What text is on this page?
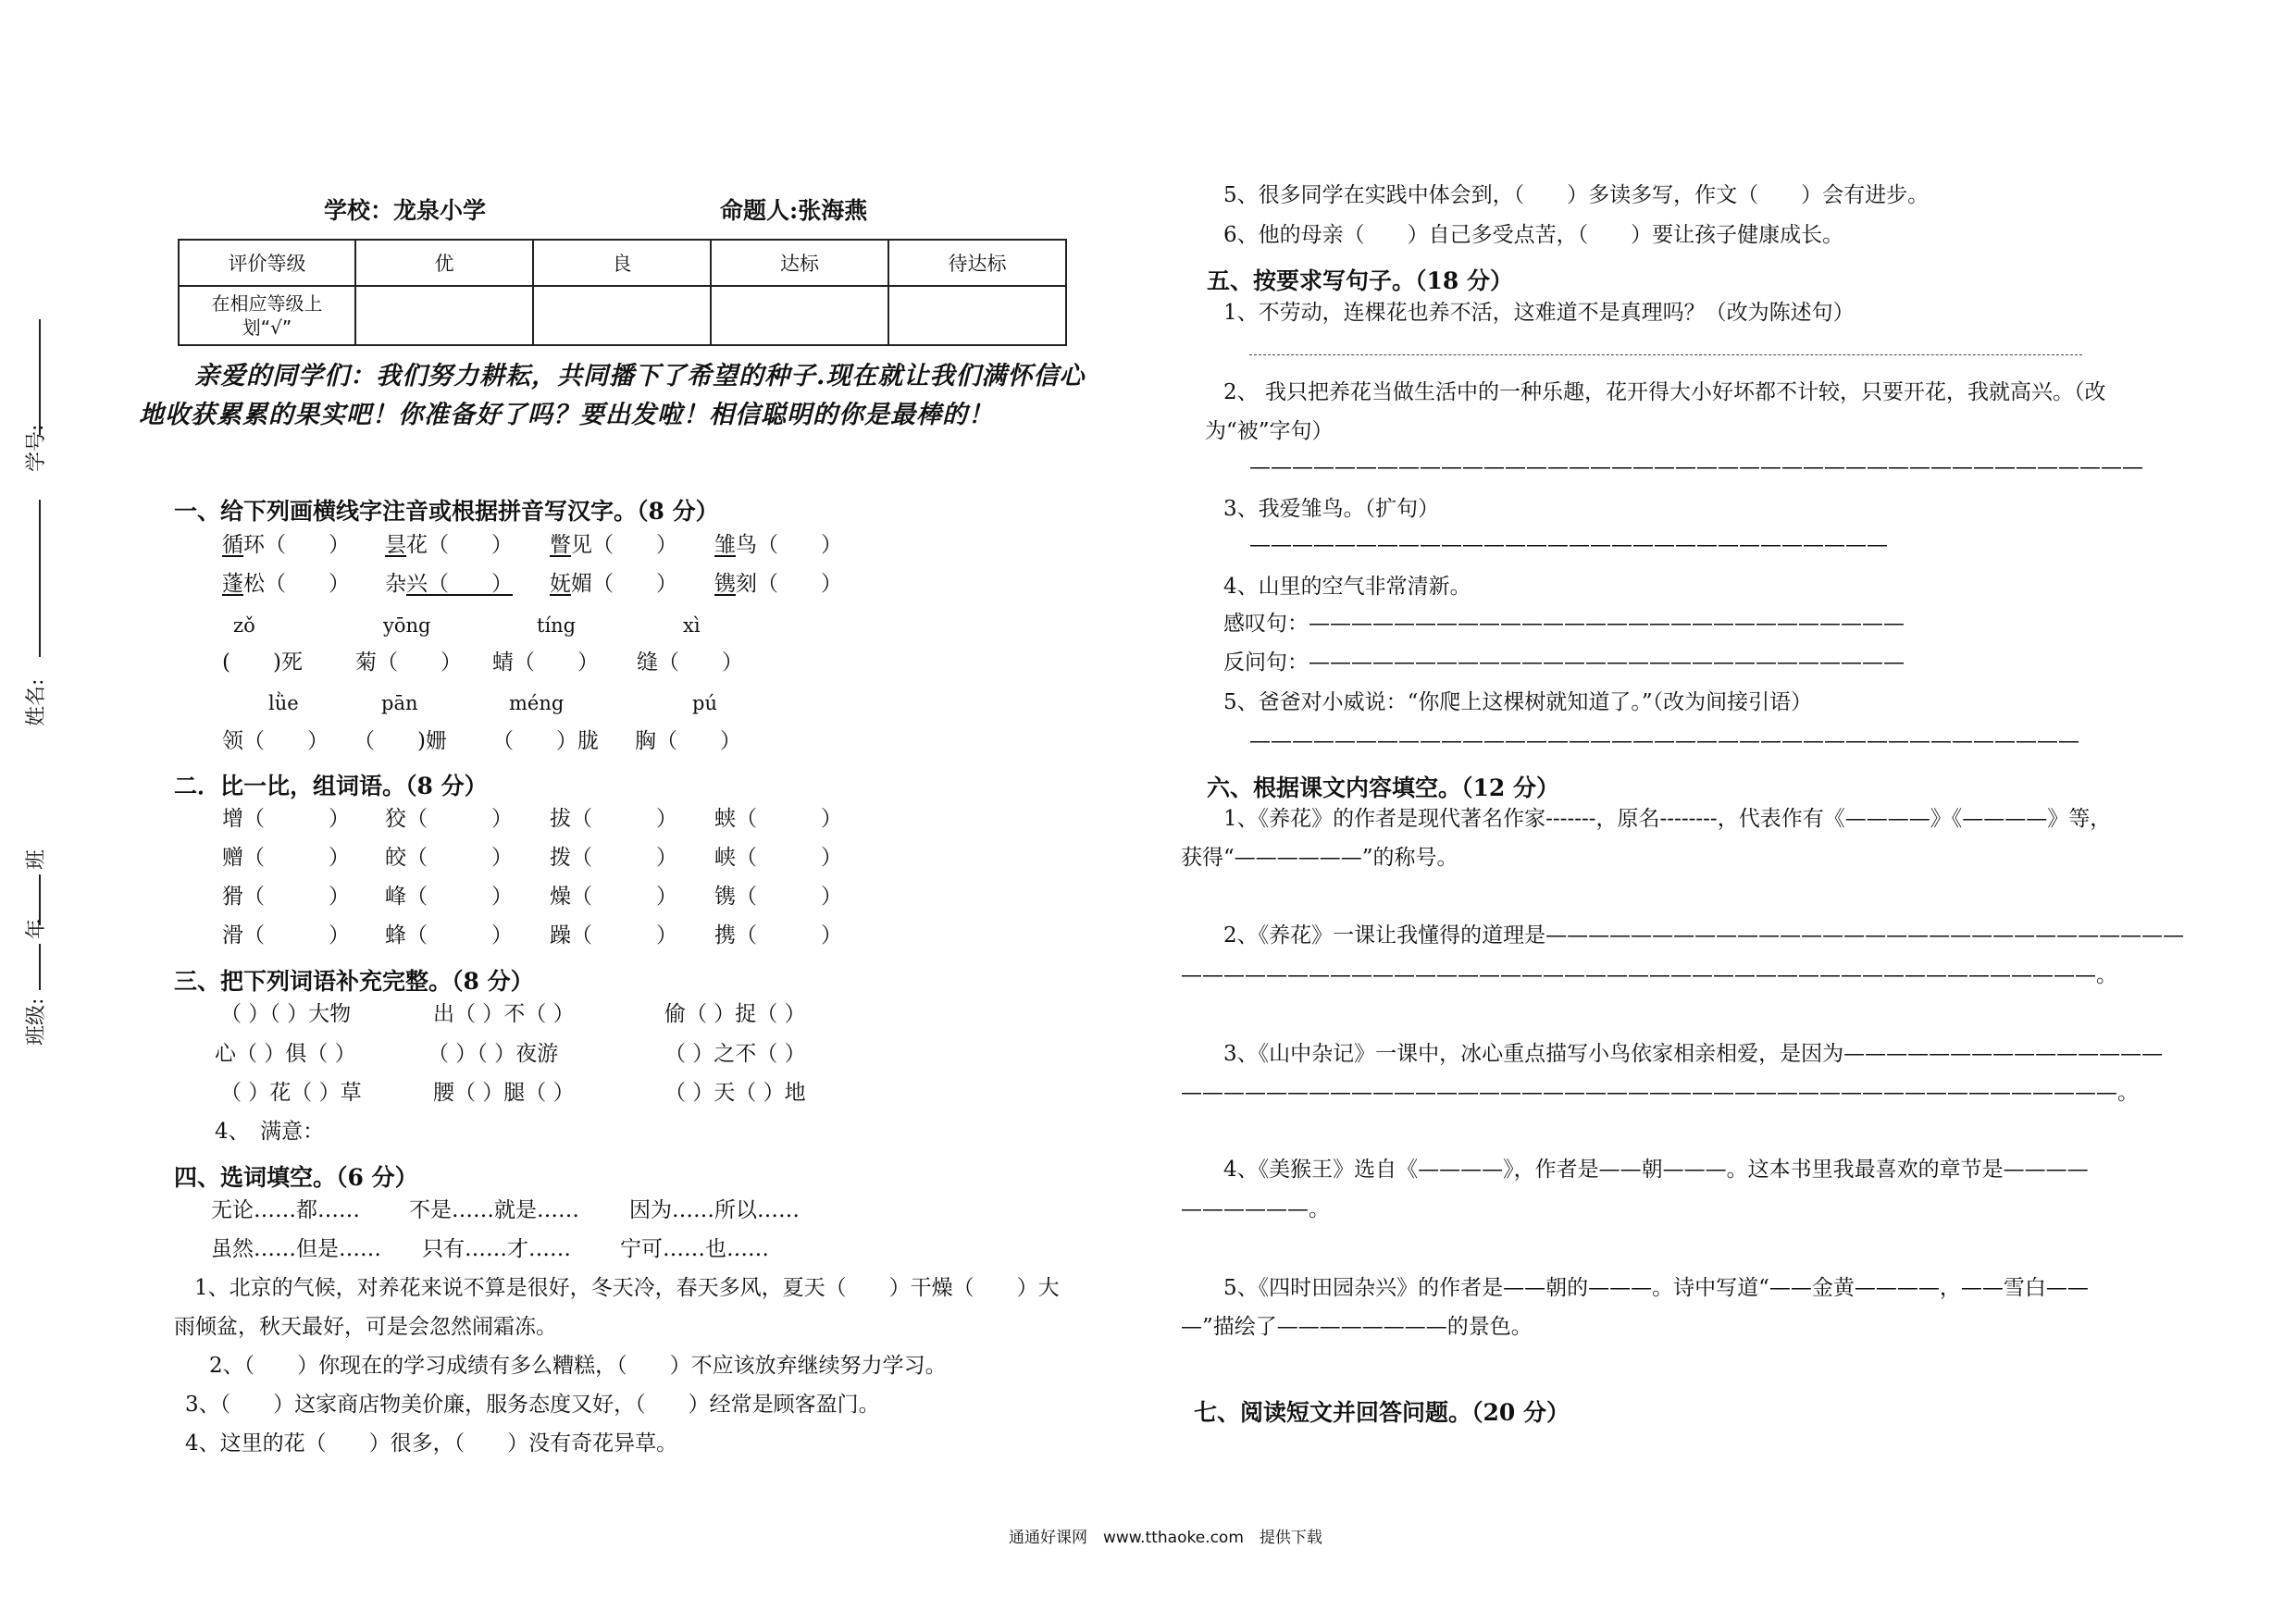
学校：龙泉小学	命题人:张海燕
评价等级	优	良	达标	待达标
在相应等级上划“√”				
学号:
姓名:
班
年
班级:
亲爱的同学们：我们努力耕耘，共同播下了希望的种子.现在就让我们满怀信心
地收获累累的果实吧！你准备好了吗？要出发啦！相信聪明的你是最棒的！
一、给下列画横线字注音或根据拼音写汉字。（8 分）
循环（　　） 昙花（　　） 瞥见（　　） 雏鸟（　　）
蓬松（　　） 杂兴（　　） 妩媚（　　） 镌刻（　　）
zǒ	yōng	tíng	xì
(　　)死 菊（　　） 蜻（　　） 缝（　　）
lǜe	pān	méng	pú
领（　　） （　　)姗 （　　）胧 胸（　　）
二．比一比，组词语。（8 分）
增（　　　） 狡（　　　） 拔（　　　） 蛱（　　　）
赠（　　　） 皎（　　　） 拨（　　　） 峡（　　　）
猾（　　　） 峰（　　　） 燥（　　　） 镌（　　　）
滑（　　　） 蜂（　　　） 躁（　　　） 携（　　　）
三、把下列词语补充完整。（8 分）
（ ）（ ）大物	出（ ）不（ ）	偷（ ）捉（ ）
心（ ）俱（ ）	（ ）（ ）夜游	（ ）之不（ ）
（ ）花（ ）草	腰（ ）腿（ ）	（ ）天（ ）地
4、　满意：
四、选词填空。（6 分）
无论……都…… 不是……就是…… 因为……所以……
虽然……但是…… 只有……才…… 宁可……也……
1、北京的气候，对养花来说不算是很好，冬天冷，春天多风，夏天（　　）干燥（　　）大
雨倾盆，秋天最好，可是会忽然闹霜冻。
2、（　　）你现在的学习成绩有多么糟糕，（　　）不应该放弃继续努力学习。
3、（　　）这家商店物美价廉，服务态度又好，（　　）经常是顾客盈门。
4、这里的花（　　）很多，（　　）没有奇花异草。
5、很多同学在实践中体会到，（　　）多读多写，作文（　　）会有进步。
6、他的母亲（　　）自己多受点苦，（　　）要让孩子健康成长。
五、按要求写句子。（18 分）
1、不劳动，连棵花也养不活，这难道不是真理吗？（改为陈述句）
2、 我只把养花当做生活中的一种乐趣，花开得大小好坏都不计较，只要开花，我就高兴。（改
为“被”字句）
——————————————————————————————————————————
3、我爱雏鸟。（扩句）
——————————————————————————————
4、山里的空气非常清新。
感叹句：————————————————————————————
反问句：————————————————————————————
5、爸爸对小威说：“你爬上这棵树就知道了。”（改为间接引语）
———————————————————————————————————————
六、根据课文内容填空。（12 分）
1、《养花》的作者是现代著名作家-------，原名--------，代表作有《————》《————》等，
获得“——————”的称号。
2、《养花》一课让我懂得的道理是——————————————————————————————
———————————————————————————————————————————。
3、《山中杂记》一课中，冰心重点描写小鸟依家相亲相爱，是因为———————————————
————————————————————————————————————————————。
4、《美猴王》选自《————》，作者是——朝———。这本书里我最喜欢的章节是————
——————。
5、《四时田园杂兴》的作者是——朝的———。诗中写道“——金黄————，——雪白——
—”描绘了————————的景色。
七、阅读短文并回答问题。（20 分）
通通好课网　www.tthaoke.com　提供下载
